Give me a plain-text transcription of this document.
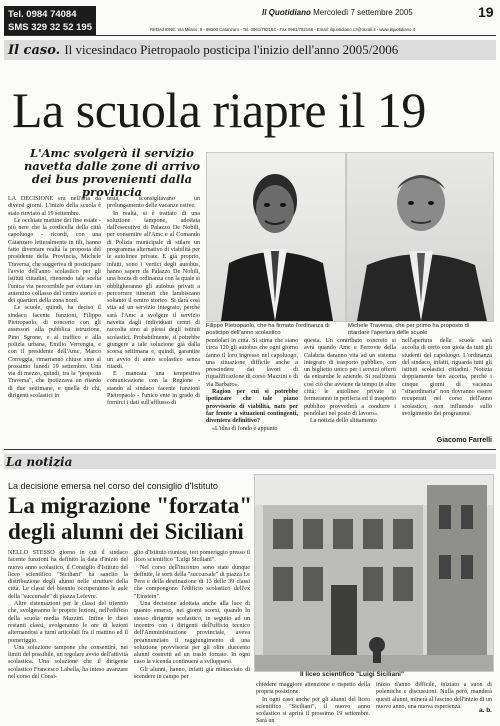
Tel. 0984 74084
SMS 329 32 52 195
Il Quotidiano Mercoledì 7 settembre 2005	19
REDAZIONE: Via Milano, 9 - 88100 Catanzaro - Tel. 0961/792164 - Fax 0961/792168 - Email: ilquotidiano.cz@tiscali.it - www.ilquotidiano.it
Il caso. Il vicesindaco Pietropaolo posticipa l'inizio dell'anno 2005/2006
La scuola riapre il 19
L'Amc svolgerà il servizio navetta dalle zone di arrivo dei bus provenienti dalla provincia
Filippo Pietropaolo, che ha firmato l'ordinanza di posticipo dell'anno scolastico
Michele Traversa, che per primo ha proposto di ritardare l'apertura delle scuole

LA DECISIONE era nell'aria da diversi giorni. L'inizio della scuola è stato rinviato al 19 settembre.

Le occhiate mattine dei fine estate - più nere che la cordicella della città capoluogo - ricordi, con una Catanzaro letteralmente in tilt, hanno fatto diventare realtà la proposta del presidente della Provincia, Michele Traversa, che suggeriva di posticipare l'avvio dell'anno scolastico per gli istituti cittadini, ritenendo tale scelta l'unica via percorribile per evitare un autentico collasso del centro storico e dei quartieri della zona nord.

Le scuole, quindi, ha deciso il sindaco facente funzioni, Filippo Pietropaolo, di concerto con gli assessori alla pubblica istruzione, Pino Sgrone, e al traffico e alla polizia urbana, Emilio Verrengia, e con il presidente dell'Amc, Marco Correggia, rimarranno chiuse sino al prossimo lunedì 19 settembre. Una via di mezzo, quindi, tra la "proposta Traversa", che ipotizzava un ritardo di due settimane, e quella di chi, dirigenti scolastici in

testa, sconsigliavano un prolungamento delle vacanze estive.

In realtà, si è trattato di una soluzione tampone, adottata dall'esecutivo di Palazzo De Nobili, per consentire all'Amc e al Comando di Polizia municipale di stilare un programma alternativo di viabilità per le autolinee private. E già proprio, infatti, sono i vertici degli autobus, hanno sapere da Palazzo De Nobili, una bozza di ordinanza con la quale si obbligheranno gli autobus privati a percorrere itinerari che lambiscano soltanto il centro storico. Si darà così vita ad un servizio integrato, perché sarà l'Amc a svolgere il servizio navetta dagli individuati centri di raccolta sino ai plessi degli istituti scolastici. Probabilmente, si potrebbe giungere a tale soluzione già dalla scorsa settimana e, quindi, garantire un avvio di anno scolastico senza ritardi.

E mancata una tempestiva comunicazione con la Regione - stando al sindaco facente funzioni Pietropaolo - l'unico ente in grado di fornirci i dati sull'afflusso di

pendolari in città. Si stima che siano circa 120 gli autobus che ogni giorno fanno il loro ingresso nel capoluogo, una situazione difficile anche a prescindere dai lavori di riqualificazione di corso Mazzini e di via Barbaro».

Ragion per cui si potrebbe ipotizzare che tale piano provvisorio di viabilità, nato per far fronte a situazioni contingenti, diventera definitivo?

«L'idea di fondo è appunto

questa. Un contributo concreto si avrà quando Amc e Ferrovie della Calabria daranno vita ad un sistema integrato di trasporto pubblico, con un biglietto unico per i servizi offerti da entrambe le aziende. Si realizzerà così ciò che avviene da tempo in altre città: le autolinee private si fermeranno in periferia ed il trasporto pubblico provvederà a condurre i pendolari nel posto di lavoro».

La notizia dello slittamento

nell'apertura delle scuole sarà accolta di certo con gioia da tutti gli studenti del capoluogo. L'ordinanza del sindaco, infatti, riguarda tutti gli istituti scolastici cittadini. Notizia doppiamente ben accetta, perché i cinque giorni di vacanza "straordinaria" non dovranno essere recuperati nel corso dell'anno scolastico, non influendo sullo svolgimento dei programmi.

Giacomo Farrelli
La notizia
La decisione emersa nel corso del consiglio d'Istituto
La migrazione "forzata"
degli alunni dei Siciliani

NELLO STESSO giorno in cui il sindaco facente funzioni ha definito la data d'inizio del nuovo anno scolastico, il Consiglio d'Istituto del liceo scientifico "Siciliani" ha sancito la distribuzione degli alunni nelle strutture della città. Le classi del biennio occuperanno le aule della "succursale" di piazza Lefevre.

Altre sistemazioni per le classi del triennio che, svolgeranno le proprie lezioni, nell'edificio della scuola media Mazzini. Infine le dieci restanti classi, svolgeranno le ore di lezioni alternandosi a turni articolati fra il mattino ed il pomeriggio.

Una soluzione tampone che consentirà, nei limiti del possibile, un regolare avvio dell'attività scolastica. Una soluzione che il dirigente scolastico Francesco Labella, ha inteso avanzare nel corso del Consi-

glio d'Istituto riuniosi, ieri pomeriggio presso il liceo scientifico "Luigi Siciliani".

Nel corso dell'incontro sono state dunque definite, le sorti della "succursale" di piazza Le Pera e della destinazione di 13 delle 39 classi che compongono l'edificio scolastico dell'ex "Einstein".

Una decisione adottata anche alla luce di quanto emerso, nei giorni scorsi, quando lo stesso dirigente scolastico, in seguito ad un incontro con i dirigenti dell'ufficio tecnico dell'Amministrazione provinciale, aveva preannunziato il raggiungimento di una soluzione provvisoria per gli oltre duecento alunni costretti ad un traslo forzato. In ogni caso la vicenda continuerà a svilupparsi.

Gli alunni, hanno, infatti già minacciato di scendere in campo per	Il liceo scientifico "Luigi Siciliani"

chiedere maggiore attenzione e rispetto della propria posizione.

In ogni caso anche per gli alunni del liceo scientifico "Siciliani", il nuovo anno scolastico si aprirà il prossimo 19 settembre. Sarà un

inizio d'anno difficile, iniziato a suon di polemiche e discussioni. Nulla però, manderà questi alunni, minerà al fascino dell'inizio di un nuovo anno, una nuova esperienza.

a. b.
